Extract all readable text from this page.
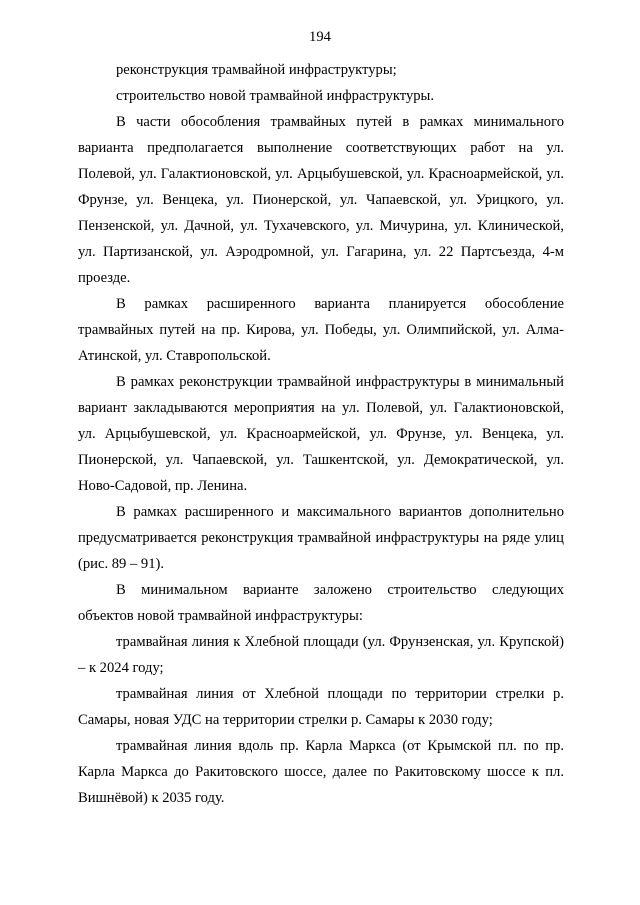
194

реконструкция трамвайной инфраструктуры;

строительство новой трамвайной инфраструктуры.

В части обособления трамвайных путей в рамках минимального варианта предполагается выполнение соответствующих работ на ул. Полевой, ул. Галактионовской, ул. Арцыбушевской, ул. Красноармейской, ул. Фрунзе, ул. Венцека, ул. Пионерской, ул. Чапаевской, ул. Урицкого, ул. Пензенской, ул. Дачной, ул. Тухачевского, ул. Мичурина, ул. Клинической, ул. Партизанской, ул. Аэродромной, ул. Гагарина, ул. 22 Партсъезда, 4-м проезде.

В рамках расширенного варианта планируется обособление трамвайных путей на пр. Кирова, ул. Победы, ул. Олимпийской, ул. Алма-Атинской, ул. Ставропольской.

В рамках реконструкции трамвайной инфраструктуры в минимальный вариант закладываются мероприятия на ул. Полевой, ул. Галактионовской, ул. Арцыбушевской, ул. Красноармейской, ул. Фрунзе, ул. Венцека, ул. Пионерской, ул. Чапаевской, ул. Ташкентской, ул. Демократической, ул. Ново-Садовой, пр. Ленина.

В рамках расширенного и максимального вариантов дополнительно предусматривается реконструкция трамвайной инфраструктуры на ряде улиц (рис. 89 – 91).

В минимальном варианте заложено строительство следующих объектов новой трамвайной инфраструктуры:

трамвайная линия к Хлебной площади (ул. Фрунзенская, ул. Крупской) – к 2024 году;

трамвайная линия от Хлебной площади по территории стрелки р. Самары, новая УДС на территории стрелки р. Самары к 2030 году;

трамвайная линия вдоль пр. Карла Маркса (от Крымской пл. по пр. Карла Маркса до Ракитовского шоссе, далее по Ракитовскому шоссе к пл. Вишнёвой) к 2035 году.
